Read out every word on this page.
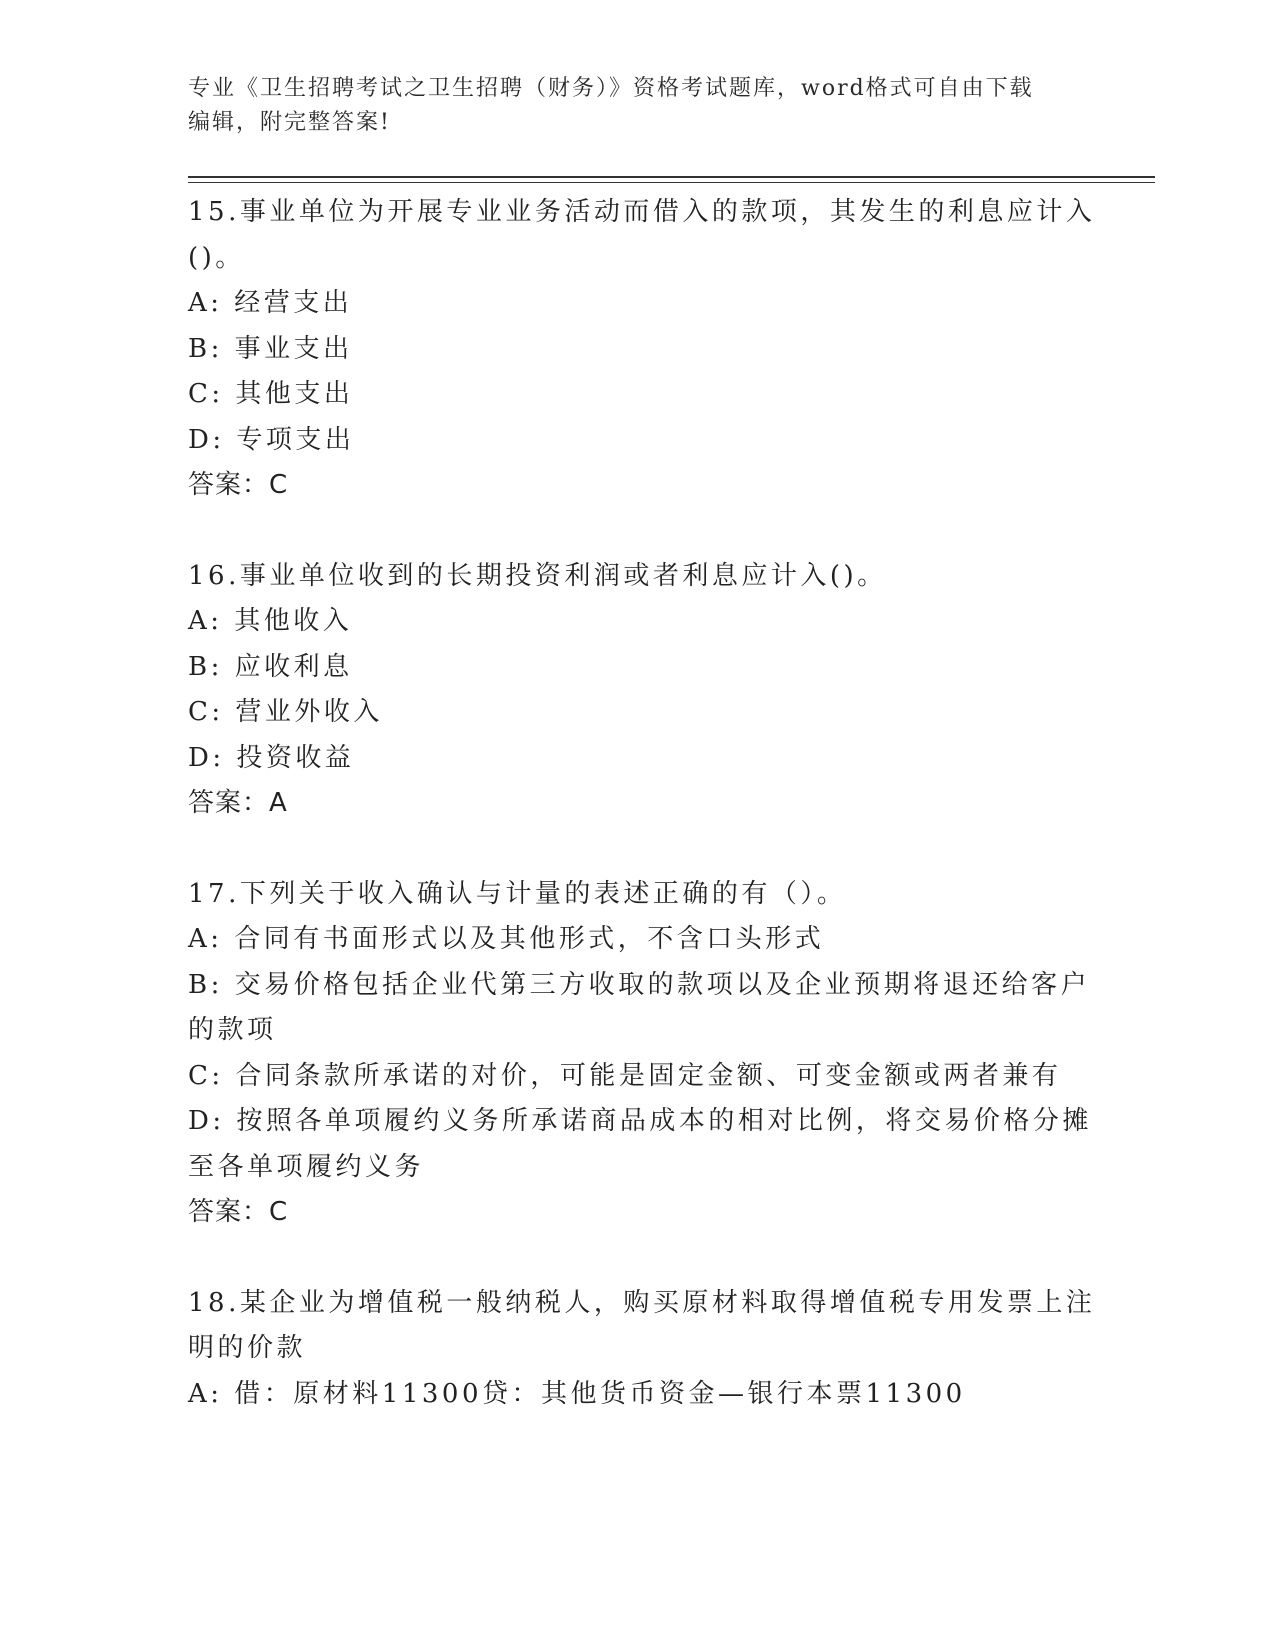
专业《卫生招聘考试之卫生招聘（财务）》资格考试题库，word格式可自由下载
编辑，附完整答案!
15.事业单位为开展专业业务活动而借入的款项，其发生的利息应计入
()。
A: 经营支出
B: 事业支出
C: 其他支出
D: 专项支出
答案：C
16.事业单位收到的长期投资利润或者利息应计入()。
A: 其他收入
B: 应收利息
C: 营业外收入
D: 投资收益
答案：A
17.下列关于收入确认与计量的表述正确的有（）。
A: 合同有书面形式以及其他形式，不含口头形式
B: 交易价格包括企业代第三方收取的款项以及企业预期将退还给客户
的款项
C: 合同条款所承诺的对价，可能是固定金额、可变金额或两者兼有
D: 按照各单项履约义务所承诺商品成本的相对比例，将交易价格分摊
至各单项履约义务
答案：C
18.某企业为增值税一般纳税人，购买原材料取得增值税专用发票上注
明的价款
A: 借：原材料11300贷：其他货币资金—银行本票11300
